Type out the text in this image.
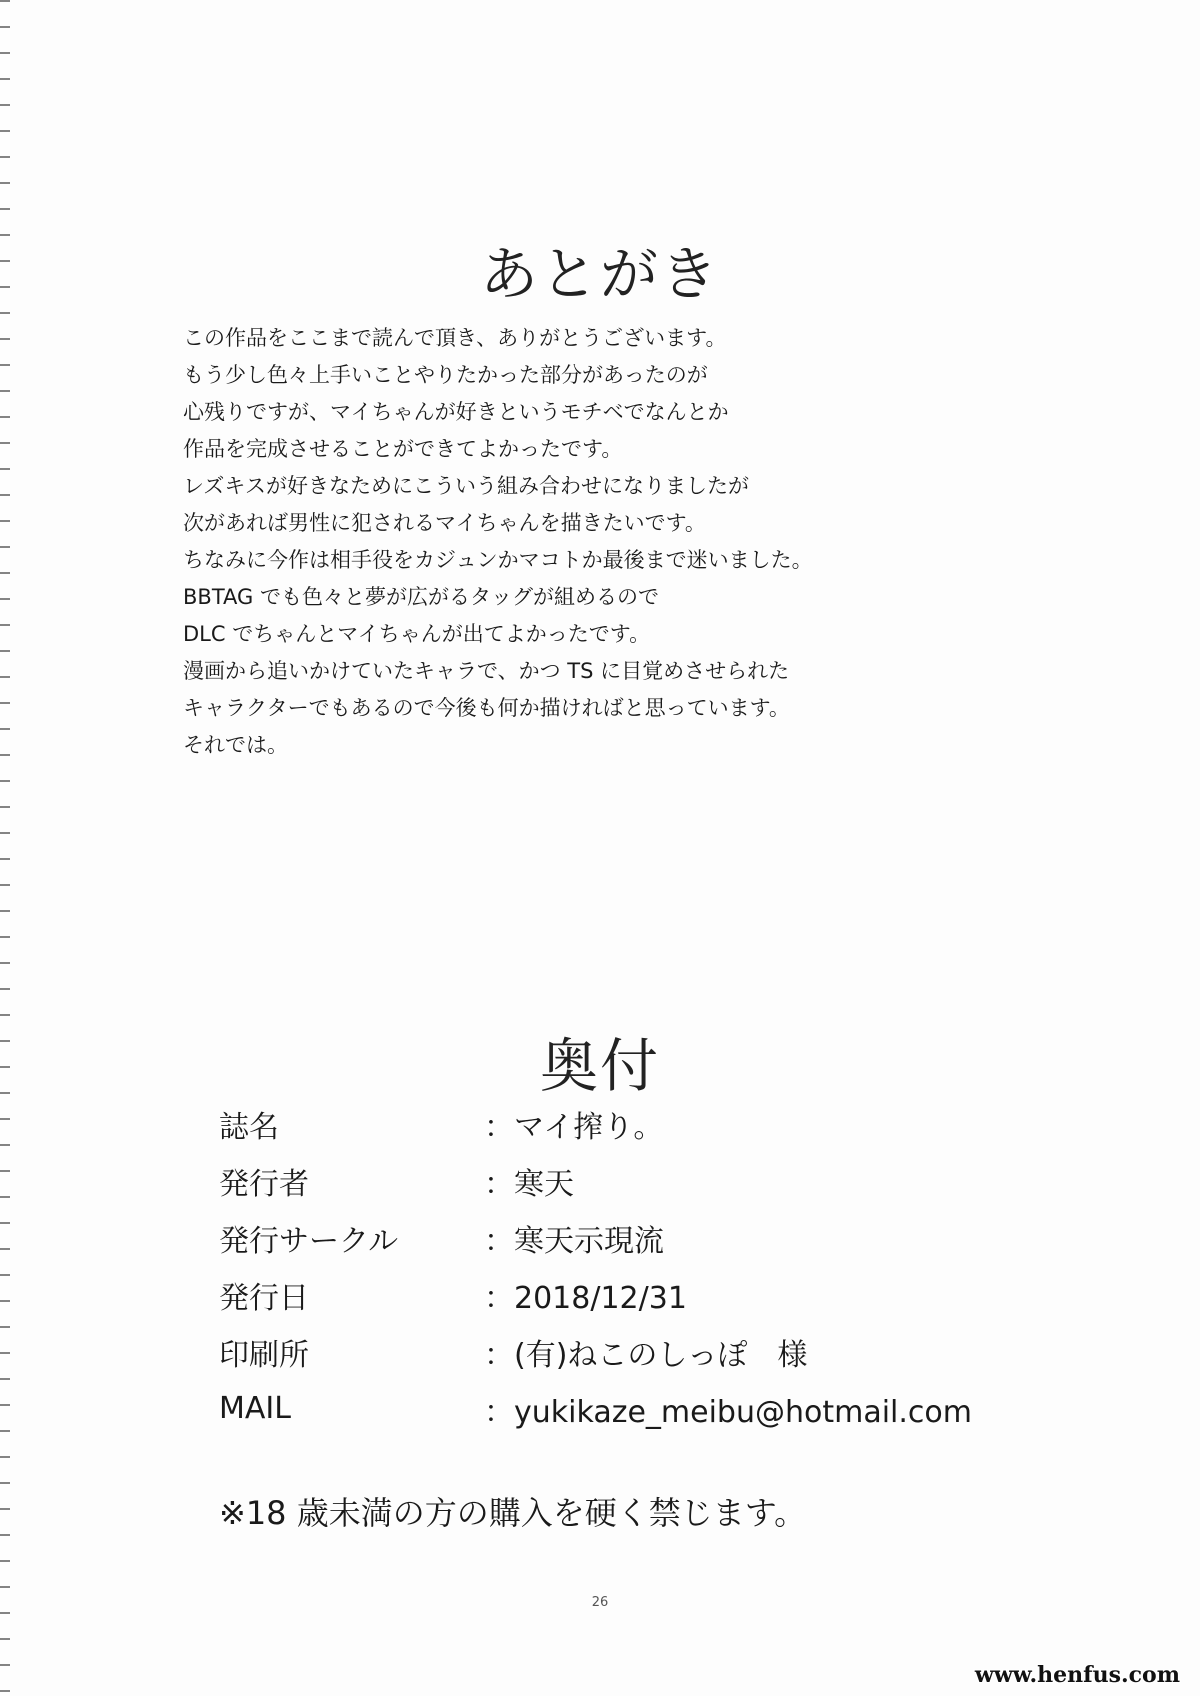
あとがき
この作品をここまで読んで頂き、ありがとうございます。
もう少し色々上手いことやりたかった部分があったのが
心残りですが、マイちゃんが好きというモチベでなんとか
作品を完成させることができてよかったです。
レズキスが好きなためにこういう組み合わせになりましたが
次があれば男性に犯されるマイちゃんを描きたいです。
ちなみに今作は相手役をカジュンかマコトか最後まで迷いました。
BBTAG でも色々と夢が広がるタッグが組めるので
DLC でちゃんとマイちゃんが出てよかったです。
漫画から追いかけていたキャラで、かつ TS に目覚めさせられた
キャラクターでもあるので今後も何か描ければと思っています。
それでは。
奥付
誌名	：マイ搾り。
発行者	：寒天
発行サークル	：寒天示現流
発行日	：2018/12/31
印刷所	：(有)ねこのしっぽ　様
MAIL	：yukikaze_meibu@hotmail.com
※18 歳未満の方の購入を硬く禁じます。
26
www.henfus.com
